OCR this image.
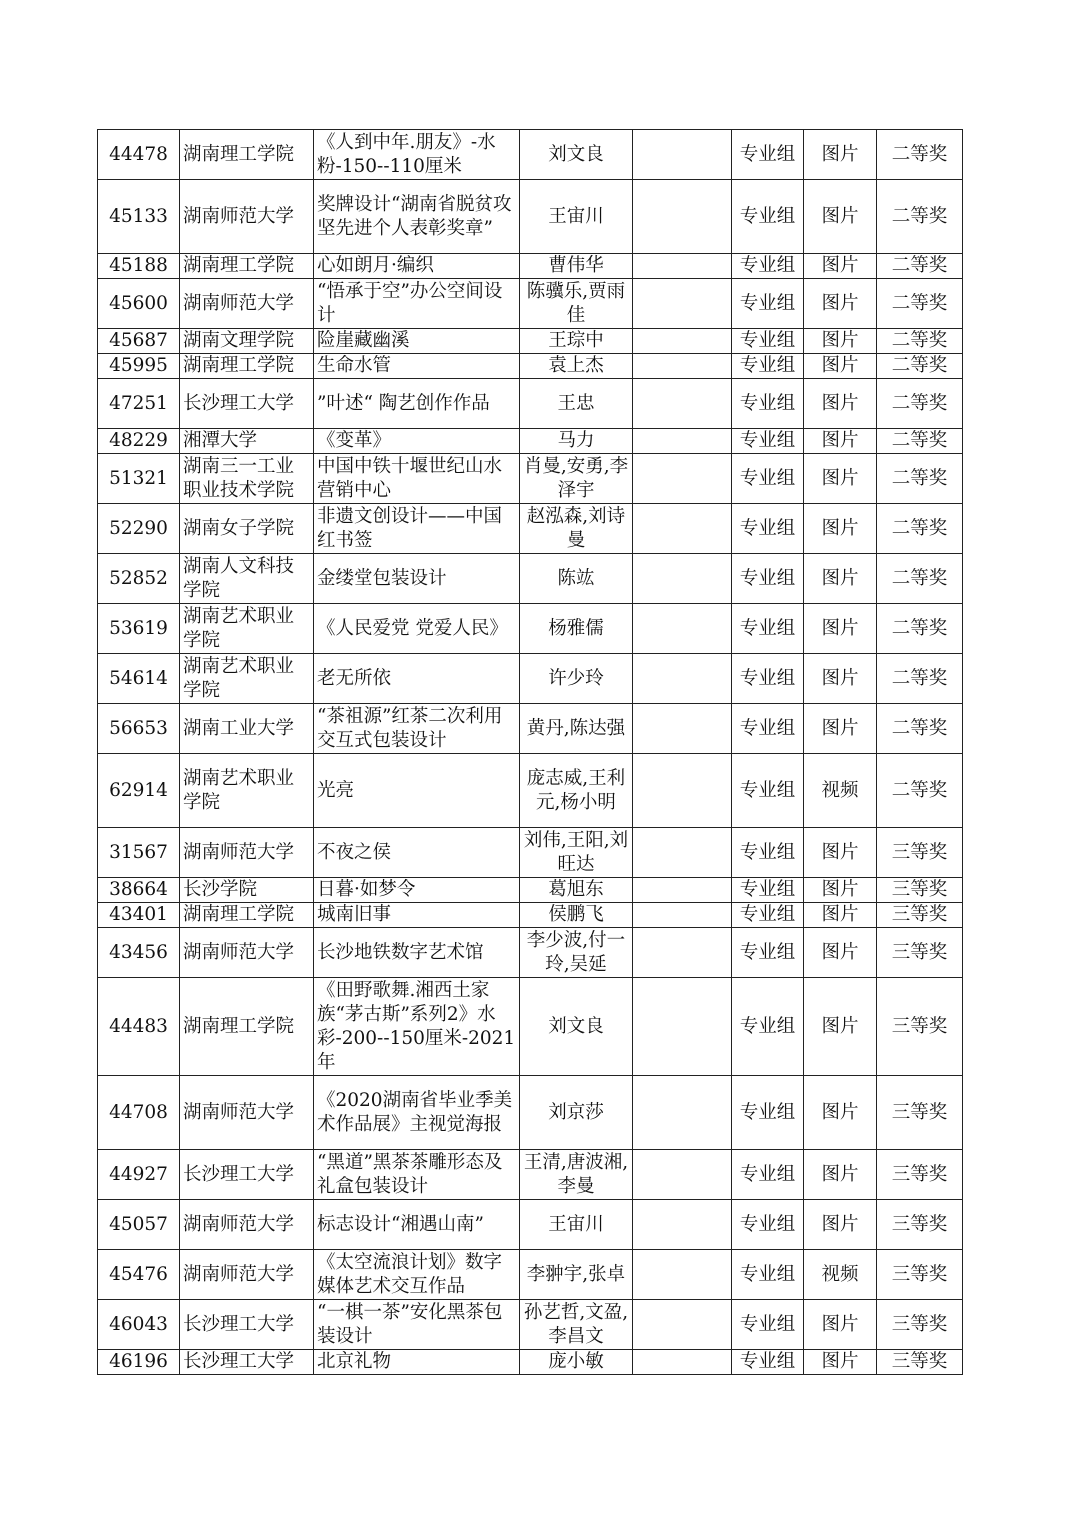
44478	湖南理工学院	《人到中年.朋友》-水粉-150--110厘米	刘文良		专业组	图片	二等奖
45133	湖南师范大学	奖牌设计“湖南省脱贫攻坚先进个人表彰奖章”	王宙川		专业组	图片	二等奖
45188	湖南理工学院	心如朗月·编织	曹伟华		专业组	图片	二等奖
45600	湖南师范大学	“悟承于空”办公空间设计	陈骥乐,贾雨佳		专业组	图片	二等奖
45687	湖南文理学院	险崖藏幽溪	王琮中		专业组	图片	二等奖
45995	湖南理工学院	生命水管	袁上杰		专业组	图片	二等奖
47251	长沙理工大学	”叶述“ 陶艺创作作品	王忠		专业组	图片	二等奖
48229	湘潭大学	《变革》	马力		专业组	图片	二等奖
51321	湖南三一工业职业技术学院	中国中铁十堰世纪山水营销中心	肖曼,安勇,李泽宇		专业组	图片	二等奖
52290	湖南女子学院	非遗文创设计——中国红书签	赵泓森,刘诗曼		专业组	图片	二等奖
52852	湖南人文科技学院	金缕堂包装设计	陈竑		专业组	图片	二等奖
53619	湖南艺术职业学院	《人民爱党 党爱人民》	杨雅儒		专业组	图片	二等奖
54614	湖南艺术职业学院	老无所依	许少玲		专业组	图片	二等奖
56653	湖南工业大学	“茶祖源”红茶二次利用交互式包装设计	黄丹,陈达强		专业组	图片	二等奖
62914	湖南艺术职业学院	光亮	庞志威,王利元,杨小明		专业组	视频	二等奖
31567	湖南师范大学	不夜之侯	刘伟,王阳,刘旺达		专业组	图片	三等奖
38664	长沙学院	日暮·如梦令	葛旭东		专业组	图片	三等奖
43401	湖南理工学院	城南旧事	侯鹏飞		专业组	图片	三等奖
43456	湖南师范大学	长沙地铁数字艺术馆	李少波,付一玲,吴延		专业组	图片	三等奖
44483	湖南理工学院	《田野歌舞.湘西土家族“茅古斯”系列2》水彩-200--150厘米-2021年	刘文良		专业组	图片	三等奖
44708	湖南师范大学	《2020湖南省毕业季美术作品展》主视觉海报	刘京莎		专业组	图片	三等奖
44927	长沙理工大学	“黑道”黑茶茶雕形态及礼盒包装设计	王清,唐波湘,李曼		专业组	图片	三等奖
45057	湖南师范大学	标志设计“湘遇山南”	王宙川		专业组	图片	三等奖
45476	湖南师范大学	《太空流浪计划》数字媒体艺术交互作品	李翀宇,张卓		专业组	视频	三等奖
46043	长沙理工大学	“一棋一茶”安化黑茶包装设计	孙艺哲,文盈,李昌文		专业组	图片	三等奖
46196	长沙理工大学	北京礼物	庞小敏		专业组	图片	三等奖
